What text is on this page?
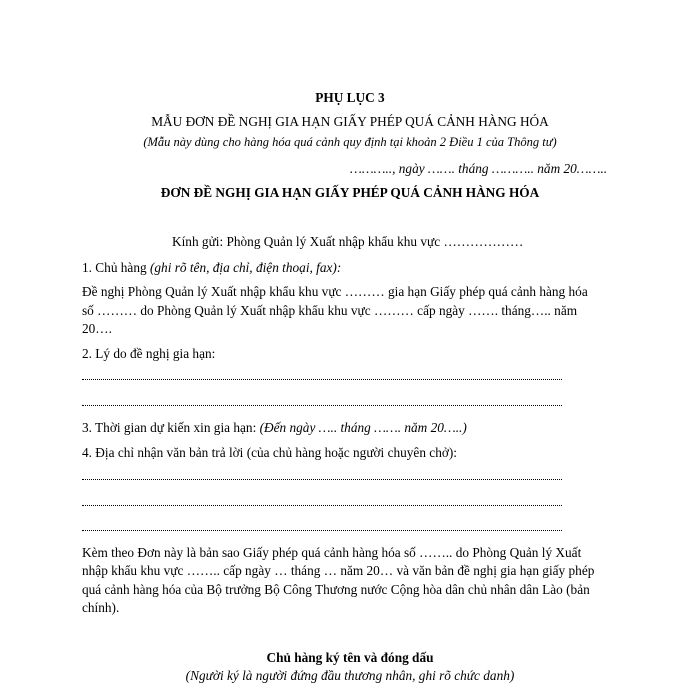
PHỤ LỤC 3
MẪU ĐƠN ĐỀ NGHỊ GIA HẠN GIẤY PHÉP QUÁ CẢNH HÀNG HÓA
(Mẫu này dùng cho hàng hóa quá cảnh quy định tại khoản 2 Điều 1 của Thông tư)
……….., ngày ……. tháng ……….. năm 20……..
ĐƠN ĐỀ NGHỊ GIA HẠN GIẤY PHÉP QUÁ CẢNH HÀNG HÓA
Kính gửi: Phòng Quản lý Xuất nhập khẩu khu vực ………………
1. Chủ hàng (ghi rõ tên, địa chỉ, điện thoại, fax):
Đề nghị Phòng Quản lý Xuất nhập khẩu khu vực ……… gia hạn Giấy phép quá cảnh hàng hóa
số ……… do Phòng Quản lý Xuất nhập khẩu khu vực ……… cấp ngày ……. tháng….. năm
20….
2. Lý do đề nghị gia hạn:
3. Thời gian dự kiến xin gia hạn: (Đến ngày ….. tháng ……. năm 20…..)
4. Địa chỉ nhận văn bản trả lời (của chủ hàng hoặc người chuyên chở):
Kèm theo Đơn này là bản sao Giấy phép quá cảnh hàng hóa số …….. do Phòng Quản lý Xuất
nhập khẩu khu vực …….. cấp ngày … tháng … năm 20… và văn bản đề nghị gia hạn giấy phép
quá cảnh hàng hóa của Bộ trưởng Bộ Công Thương nước Cộng hòa dân chủ nhân dân Lào (bản
chính).
Chủ hàng ký tên và đóng dấu
(Người ký là người đứng đầu thương nhân, ghi rõ chức danh)
